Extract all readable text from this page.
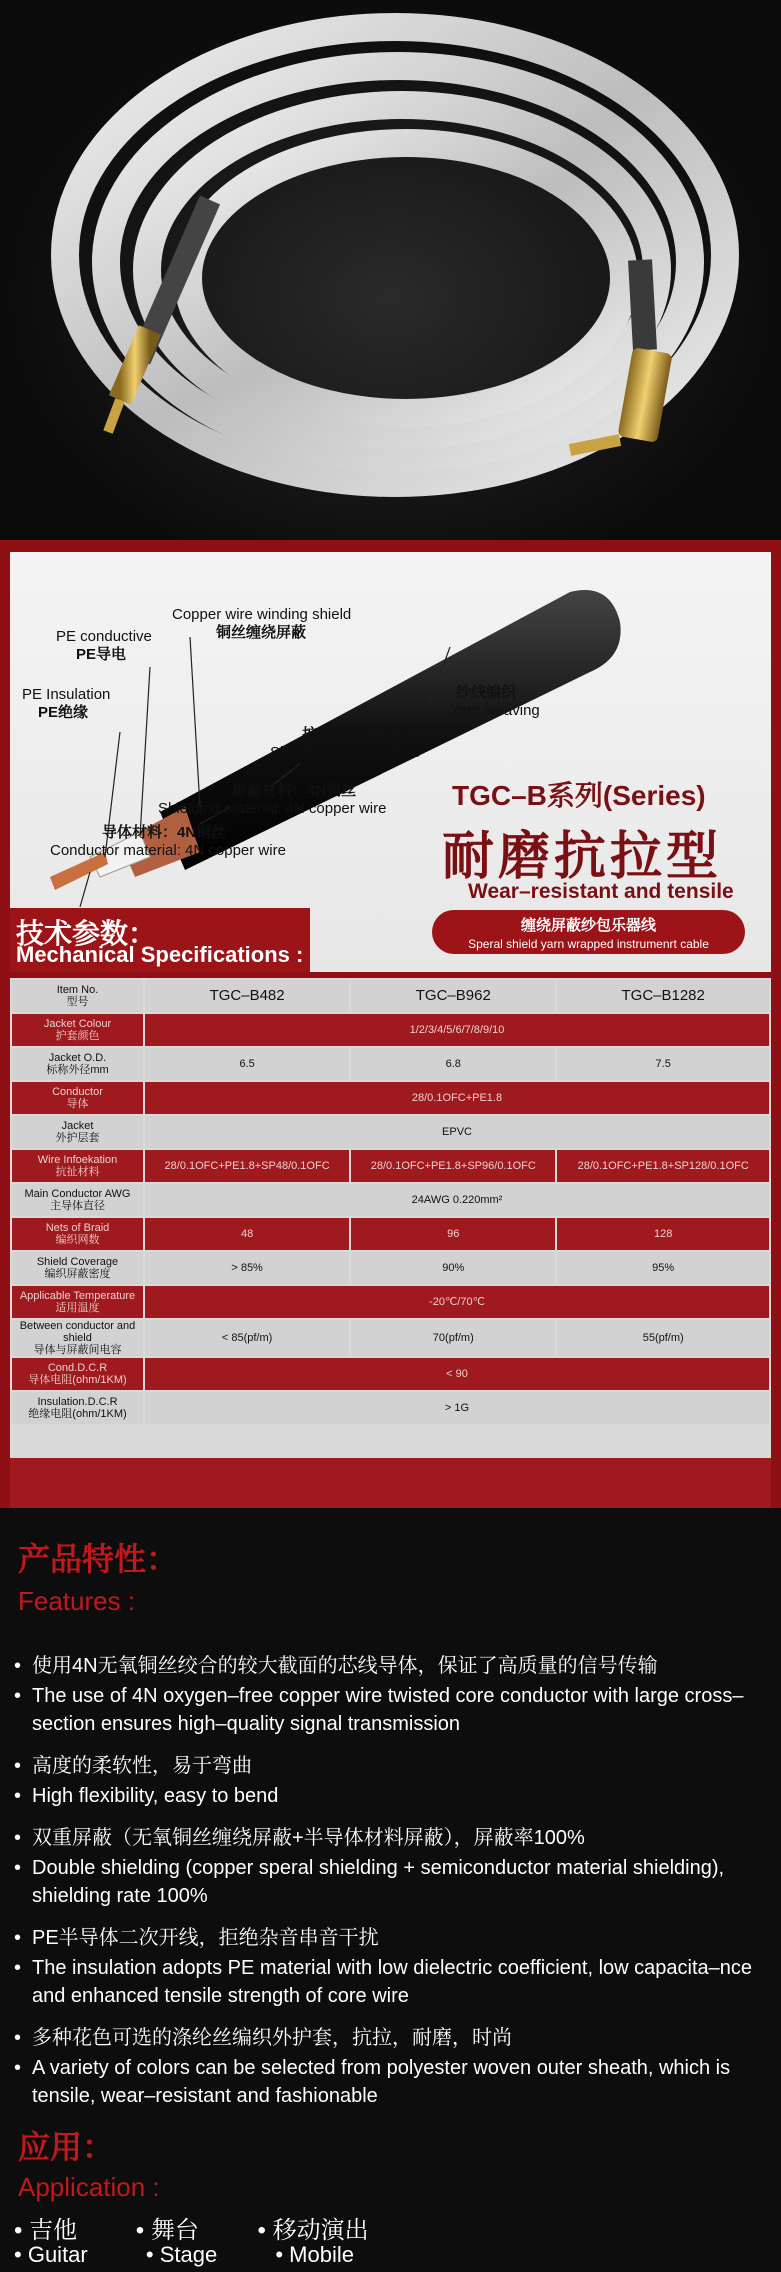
Copper wire winding shield
铜丝缠绕屏蔽
PE conductive
PE导电
PE Insulation
PE绝缘
纱线编织
Yarn weaving
护套材料：PVC
Sheath material：PVC
屏蔽材料：4N铜丝
Shielding material: 4N copper wire
导体材料：4N铜丝
Conductor material: 4N copper wire
TGC–B系列(Series)
耐磨抗拉型
Wear–resistant and tensile
缠绕屏蔽纱包乐器线
Speral shield yarn wrapped instrumenrt cable
技术参数：
Mechanical Specifications :
Item No.
型号	TGC–B482	TGC–B962	TGC–B1282
Jacket Colour
护套颜色	1/2/3/4/5/6/7/8/9/10		
Jacket O.D.
标称外径mm	6.5	6.8	7.5
Conductor
导体	28/0.1OFC+PE1.8		
Jacket
外护层套	EPVC		
Wire Infoekation
抗扯材料	28/0.1OFC+PE1.8+SP48/0.1OFC	28/0.1OFC+PE1.8+SP96/0.1OFC	28/0.1OFC+PE1.8+SP128/0.1OFC
Main Conductor AWG
主导体直径	24AWG 0.220mm²		
Nets of Braid
编织网数	48	96	128
Shield Coverage
编织屏蔽密度	> 85%	90%	95%
Applicable Temperature
适用温度	-20℃/70℃		
Between conductor and shield
导体与屏蔽间电容	< 85(pf/m)	70(pf/m)	55(pf/m)
Cond.D.C.R
导体电阻(ohm/1KM)	< 90		
Insulation.D.C.R
绝缘电阻(ohm/1KM)	> 1G		
产品特性：
Features :
• 使用4N无氧铜丝绞合的较大截面的芯线导体，保证了高质量的信号传输
• The use of 4N oxygen–free copper wire twisted core conductor with large cross–section ensures high–quality signal transmission
• 高度的柔软性，易于弯曲
• High flexibility, easy to bend
• 双重屏蔽（无氧铜丝缠绕屏蔽+半导体材料屏蔽），屏蔽率100%
• Double shielding (copper speral shielding + semiconductor material shielding), shielding rate 100%
• PE半导体二次开线，拒绝杂音串音干扰
• The insulation adopts PE material with low dielectric coefficient, low capacita–nce and enhanced tensile strength of core wire
• 多种花色可选的涤纶丝编织外护套，抗拉，耐磨，时尚
• A variety of colors can be selected from polyester woven outer sheath, which is tensile, wear–resistant and fashionable
应用：
Application :
• 吉他 • 舞台 • 移动演出
• Guitar	• Stage	• Mobile
